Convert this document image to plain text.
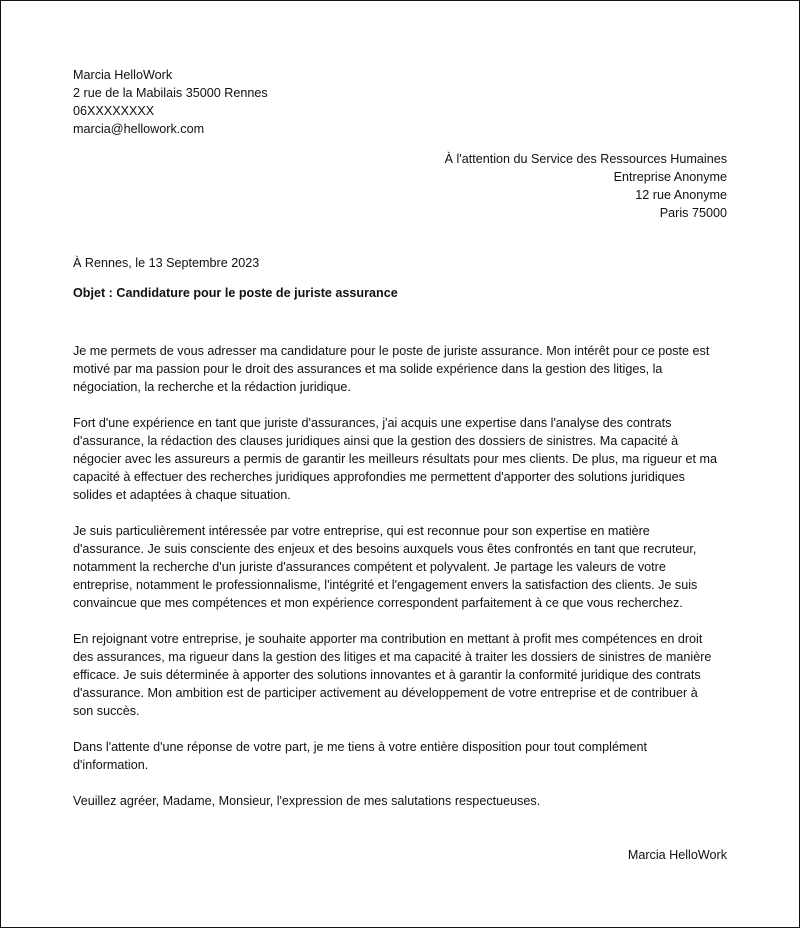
Marcia HelloWork
2 rue de la Mabilais 35000 Rennes
06XXXXXXXX
marcia@hellowork.com
À l'attention du Service des Ressources Humaines
Entreprise Anonyme
12 rue Anonyme
Paris 75000
À Rennes, le 13 Septembre 2023
Objet : Candidature pour le poste de juriste assurance
Je me permets de vous adresser ma candidature pour le poste de juriste assurance. Mon intérêt pour ce poste est
motivé par ma passion pour le droit des assurances et ma solide expérience dans la gestion des litiges, la
négociation, la recherche et la rédaction juridique.
Fort d'une expérience en tant que juriste d'assurances, j'ai acquis une expertise dans l'analyse des contrats
d'assurance, la rédaction des clauses juridiques ainsi que la gestion des dossiers de sinistres. Ma capacité à
négocier avec les assureurs a permis de garantir les meilleurs résultats pour mes clients. De plus, ma rigueur et ma
capacité à effectuer des recherches juridiques approfondies me permettent d'apporter des solutions juridiques
solides et adaptées à chaque situation.
Je suis particulièrement intéressée par votre entreprise, qui est reconnue pour son expertise en matière
d'assurance. Je suis consciente des enjeux et des besoins auxquels vous êtes confrontés en tant que recruteur,
notamment la recherche d'un juriste d'assurances compétent et polyvalent. Je partage les valeurs de votre
entreprise, notamment le professionnalisme, l'intégrité et l'engagement envers la satisfaction des clients. Je suis
convaincue que mes compétences et mon expérience correspondent parfaitement à ce que vous recherchez.
En rejoignant votre entreprise, je souhaite apporter ma contribution en mettant à profit mes compétences en droit
des assurances, ma rigueur dans la gestion des litiges et ma capacité à traiter les dossiers de sinistres de manière
efficace. Je suis déterminée à apporter des solutions innovantes et à garantir la conformité juridique des contrats
d'assurance. Mon ambition est de participer activement au développement de votre entreprise et de contribuer à
son succès.
Dans l'attente d'une réponse de votre part, je me tiens à votre entière disposition pour tout complément
d'information.
Veuillez agréer, Madame, Monsieur, l'expression de mes salutations respectueuses.
Marcia HelloWork
